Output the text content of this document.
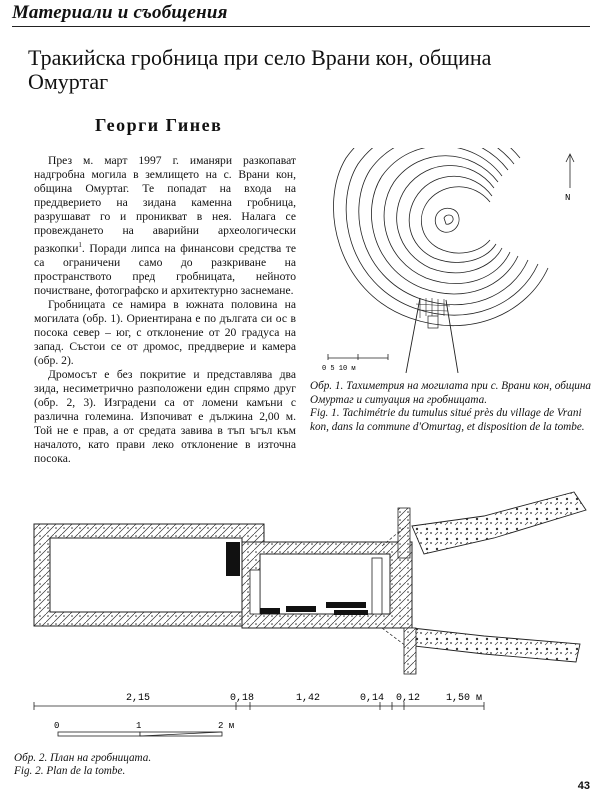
Материали и съобщения
Тракийска гробница при село Врани кон, община Омуртаг
Георги Гинев

През м. март 1997 г. иманяри разкопават надгробна могила в землището на с. Врани кон, община Омуртаг. Те попадат на входа на преддверието на зидана каменна гробница, разрушават го и проникват в нея. Налага се провеждането на аварийни археологически разкопки$^1$. Поради липса на финансови средства те са ограничени само до разкриване на пространството пред гробницата, нейното почистване, фотографско и архитектурно заснемане.

Гробницата се намира в южната половина на могилата (обр. 1). Ориентирана е по дългата си ос в посока север – юг, с отклонение от 20 градуса на запад. Състои се от дромос, преддверие и камера (обр. 2).

Дромосът е без покритие и представлява два зида, несиметрично разположени един спрямо друг (обр. 2, 3). Изградени са от ломени камъни с различна големина. Изпочиват е дължина 2,00 м. Той не е прав, а от средата завива в тъп ъгъл към началото, като прави леко отклонение в източна посока.

N
0 5 10 м
Обр. 1. Тахиметрия на могилата при с. Врани кон, община Омуртаг и ситуация на гробницата.
Fig. 1. Tachimétrie du tumulus situé près du village de Vrani kon, dans la commune d'Omurtag, et disposition de la tombe.
2,15	0,18	1,42	0,14 0,12	1,50 м
0	1	2 м
Обр. 2. План на гробницата.
Fig. 2. Plan de la tombe.
43
